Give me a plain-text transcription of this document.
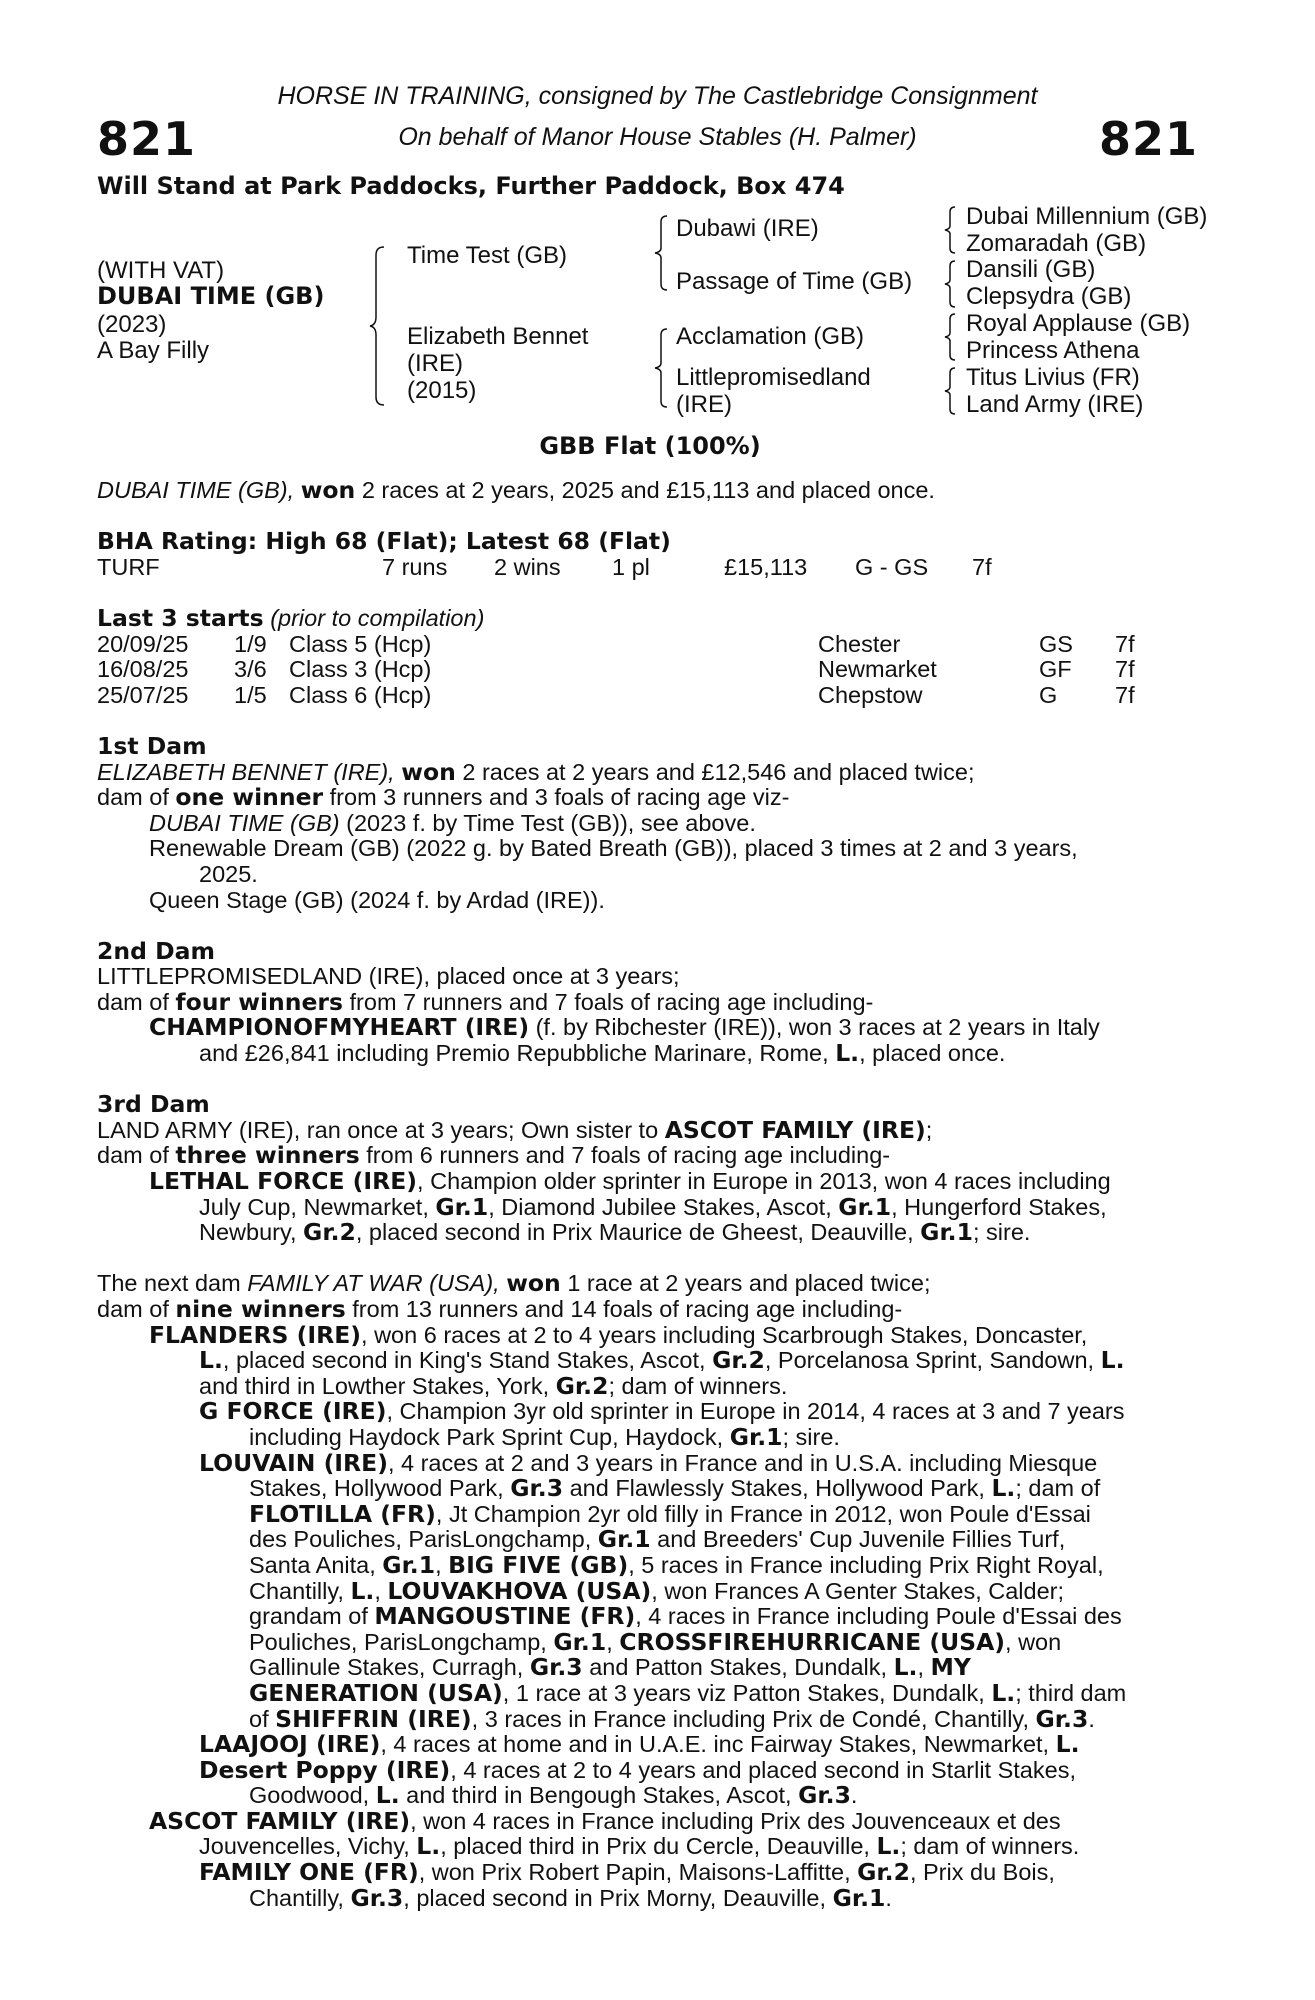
821	821
HORSE IN TRAINING, consigned by The Castlebridge Consignment
On behalf of Manor House Stables (H. Palmer)
Will Stand at Park Paddocks, Further Paddock, Box 474
(WITH VAT)
DUBAI TIME (GB)
(2023)
A Bay Filly
Time Test (GB)
Elizabeth Bennet
(IRE)
(2015)
Dubawi (IRE)
Passage of Time (GB)
Acclamation (GB)
Littlepromisedland
(IRE)
Dubai Millennium (GB)
Zomaradah (GB)
Dansili (GB)
Clepsydra (GB)
Royal Applause (GB)
Princess Athena
Titus Livius (FR)
Land Army (IRE)
GBB Flat (100%)

DUBAI TIME (GB), won 2 races at 2 years, 2025 and £15,113 and placed once.

BHA Rating: High 68 (Flat); Latest 68 (Flat)

TURF	7 runs 2 wins 1 pl	£15,113 G - GS 7f

Last 3 starts (prior to compilation)

20/09/25 1/9 Class 5 (Hcp)	Chester	GS 7f
16/08/25 3/6 Class 3 (Hcp)	Newmarket	GF 7f
25/07/25 1/5 Class 6 (Hcp)	Chepstow	G 7f

1st Dam

ELIZABETH BENNET (IRE), won 2 races at 2 years and £12,546 and placed twice;

dam of one winner from 3 runners and 3 foals of racing age viz-

DUBAI TIME (GB) (2023 f. by Time Test (GB)), see above.

Renewable Dream (GB) (2022 g. by Bated Breath (GB)), placed 3 times at 2 and 3 years,

2025.

Queen Stage (GB) (2024 f. by Ardad (IRE)).

2nd Dam

LITTLEPROMISEDLAND (IRE), placed once at 3 years;

dam of four winners from 7 runners and 7 foals of racing age including-

CHAMPIONOFMYHEART (IRE) (f. by Ribchester (IRE)), won 3 races at 2 years in Italy

and £26,841 including Premio Repubbliche Marinare, Rome, L., placed once.

3rd Dam

LAND ARMY (IRE), ran once at 3 years; Own sister to ASCOT FAMILY (IRE);

dam of three winners from 6 runners and 7 foals of racing age including-

LETHAL FORCE (IRE), Champion older sprinter in Europe in 2013, won 4 races including

July Cup, Newmarket, Gr.1, Diamond Jubilee Stakes, Ascot, Gr.1, Hungerford Stakes,

Newbury, Gr.2, placed second in Prix Maurice de Gheest, Deauville, Gr.1; sire.

The next dam FAMILY AT WAR (USA), won 1 race at 2 years and placed twice;

dam of nine winners from 13 runners and 14 foals of racing age including-

FLANDERS (IRE), won 6 races at 2 to 4 years including Scarbrough Stakes, Doncaster,

L., placed second in King's Stand Stakes, Ascot, Gr.2, Porcelanosa Sprint, Sandown, L.

and third in Lowther Stakes, York, Gr.2; dam of winners.

G FORCE (IRE), Champion 3yr old sprinter in Europe in 2014, 4 races at 3 and 7 years

including Haydock Park Sprint Cup, Haydock, Gr.1; sire.

LOUVAIN (IRE), 4 races at 2 and 3 years in France and in U.S.A. including Miesque

Stakes, Hollywood Park, Gr.3 and Flawlessly Stakes, Hollywood Park, L.; dam of

FLOTILLA (FR), Jt Champion 2yr old filly in France in 2012, won Poule d'Essai

des Pouliches, ParisLongchamp, Gr.1 and Breeders' Cup Juvenile Fillies Turf,

Santa Anita, Gr.1, BIG FIVE (GB), 5 races in France including Prix Right Royal,

Chantilly, L., LOUVAKHOVA (USA), won Frances A Genter Stakes, Calder;

grandam of MANGOUSTINE (FR), 4 races in France including Poule d'Essai des

Pouliches, ParisLongchamp, Gr.1, CROSSFIREHURRICANE (USA), won

Gallinule Stakes, Curragh, Gr.3 and Patton Stakes, Dundalk, L., MY

GENERATION (USA), 1 race at 3 years viz Patton Stakes, Dundalk, L.; third dam

of SHIFFRIN (IRE), 3 races in France including Prix de Condé, Chantilly, Gr.3.

LAAJOOJ (IRE), 4 races at home and in U.A.E. inc Fairway Stakes, Newmarket, L.

Desert Poppy (IRE), 4 races at 2 to 4 years and placed second in Starlit Stakes,

Goodwood, L. and third in Bengough Stakes, Ascot, Gr.3.

ASCOT FAMILY (IRE), won 4 races in France including Prix des Jouvenceaux et des

Jouvencelles, Vichy, L., placed third in Prix du Cercle, Deauville, L.; dam of winners.

FAMILY ONE (FR), won Prix Robert Papin, Maisons-Laffitte, Gr.2, Prix du Bois,

Chantilly, Gr.3, placed second in Prix Morny, Deauville, Gr.1.
